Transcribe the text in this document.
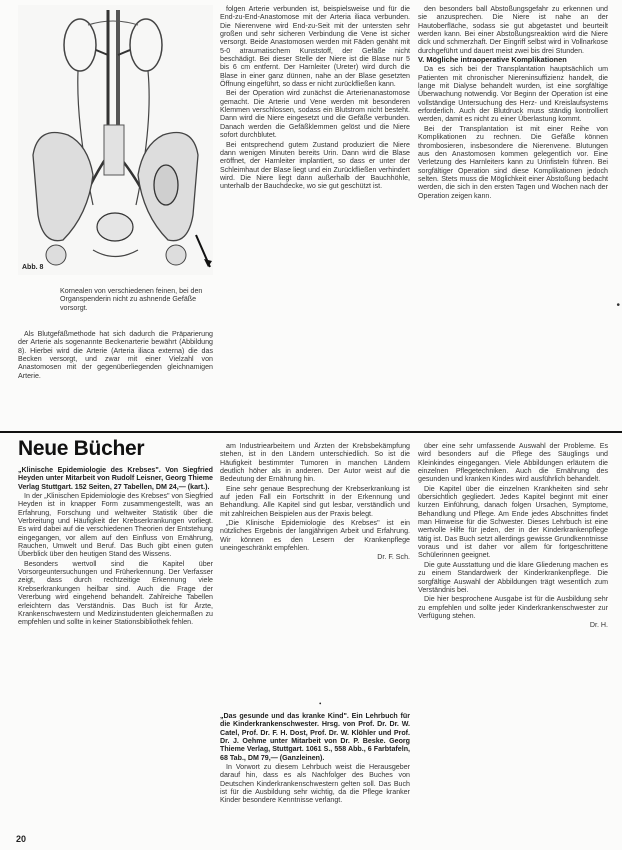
Abb. 8
Kornealen von verschiedenen feinen, bei den Organspenderin nicht zu ashnende Gefäße vorsorgt.

Als Blutgefäßmethode hat sich dadurch die Präparierung der Arterie als sogenannte Beckenarterie bewährt (Abbildung 8). Hierbei wird die Arterie (Arteria iliaca externa) die das Becken versorgt, und zwar mit einer Vielzahl von Anastomosen mit der gegenüberliegenden gleichnamigen Arterie.

folgen Arterie verbunden ist, beispielsweise und für die End-zu-End-Anastomose mit der Arteria iliaca verbunden. Die Nierenvene wird End-zu-Seit mit der untersten sehr großen und sehr sicheren Verbindung die Vene ist sicher versorgt. Beide Anastomosen werden mit Fäden genäht mit 5-0 atraumatischem Kunststoff, der Gefäße nicht beschädigt. Bei dieser Stelle der Niere ist die Blase nur 5 bis 6 cm entfernt. Der Harnleiter (Ureter) wird durch die Blase in einer ganz dünnen, nahe an der Blase gesetzten Öffnung eingeführt, so dass er nicht zurückfließen kann.

Bei der Operation wird zunächst die Arterienanastomose gemacht. Die Arterie und Vene werden mit besonderen Klemmen verschlossen, sodass ein Blutstrom nicht besteht. Dann wird die Niere eingesetzt und die Gefäße verbunden. Danach werden die Gefäßklemmen gelöst und die Niere sofort durchblutet.

Bei entsprechend gutem Zustand produziert die Niere dann wenigen Minuten bereits Urin. Dann wird die Blase eröffnet, der Harnleiter implantiert, so dass er unter der Schleimhaut der Blase liegt und ein Zurückfließen verhindert wird. Die Niere liegt dann außerhalb der Bauchhöhle, unterhalb der Bauchdecke, wo sie gut geschützt ist.

den besonders ball Abstoßungsgefahr zu erkennen und sie anzusprechen. Die Niere ist nahe an der Hautoberfläche, sodass sie gut abgetastet und beurteilt werden kann. Bei einer Abstoßungsreaktion wird die Niere dick und schmerzhaft. Der Eingriff selbst wird in Vollnarkose durchgeführt und dauert meist zwei bis drei Stunden.

V. Mögliche intraoperative Komplikationen

Da es sich bei der Transplantation hauptsächlich um Patienten mit chronischer Niereninsuffizienz handelt, die lange mit Dialyse behandelt wurden, ist eine sorgfältige Überwachung notwendig. Vor Beginn der Operation ist eine vollständige Untersuchung des Herz- und Kreislaufsystems erforderlich. Auch der Blutdruck muss ständig kontrolliert werden, damit es nicht zu einer Überlastung kommt.

Bei der Transplantation ist mit einer Reihe von Komplikationen zu rechnen. Die Gefäße können thrombosieren, insbesondere die Nierenvene. Blutungen aus den Anastomosen kommen gelegentlich vor. Eine Verletzung des Harnleiters kann zu Urinfisteln führen. Bei sorgfältiger Operation sind diese Komplikationen jedoch selten. Stets muss die Möglichkeit einer Abstoßung bedacht werden, die sich in den ersten Tagen und Wochen nach der Operation zeigen kann.

•
Neue Bücher

„Klinische Epidemiologie des Krebses". Von Siegfried Heyden unter Mitarbeit von Rudolf Leisner, Georg Thieme Verlag Stuttgart. 152 Seiten, 27 Tabellen, DM 24,— (kart.).

In der „Klinischen Epidemiologie des Krebses" von Siegfried Heyden ist in knapper Form zusammengestellt, was an Erfahrung, Forschung und weltweiter Statistik über die Verbreitung und Häufigkeit der Krebserkrankungen vorliegt. Es wird dabei auf die verschiedenen Theorien der Entstehung eingegangen, vor allem auf den Einfluss von Ernährung, Rauchen, Umwelt und Beruf. Das Buch gibt einen guten Überblick über den heutigen Stand des Wissens.

Besonders wertvoll sind die Kapitel über Vorsorgeuntersuchungen und Früherkennung. Der Verfasser zeigt, dass durch rechtzeitige Erkennung viele Krebserkrankungen heilbar sind. Auch die Frage der Vererbung wird eingehend behandelt. Zahlreiche Tabellen erleichtern das Verständnis. Das Buch ist für Ärzte, Krankenschwestern und Medizinstudenten gleichermaßen zu empfehlen und sollte in keiner Stationsbibliothek fehlen.

am Industriearbeitern und Ärzten der Krebsbekämpfung stehen, ist in den Ländern unterschiedlich. So ist die Häufigkeit bestimmter Tumoren in manchen Ländern deutlich höher als in anderen. Der Autor weist auf die Bedeutung der Ernährung hin.

Eine sehr genaue Besprechung der Krebserkrankung ist auf jeden Fall ein Fortschritt in der Erkennung und Behandlung. Alle Kapitel sind gut lesbar, verständlich und mit zahlreichen Beispielen aus der Praxis belegt.

„Die Klinische Epidemiologie des Krebses" ist ein nützliches Ergebnis der langjährigen Arbeit und Erfahrung. Wir können es den Lesern der Krankenpflege uneingeschränkt empfehlen.

Dr. F. Sch.

•

„Das gesunde und das kranke Kind". Ein Lehrbuch für die Kinderkrankenschwester. Hrsg. von Prof. Dr. Dr. W. Catel, Prof. Dr. F. H. Dost, Prof. Dr. W. Klöhler und Prof. Dr. J. Oehme unter Mitarbeit von Dr. P. Beske. Georg Thieme Verlag, Stuttgart. 1061 S., 558 Abb., 6 Farbtafeln, 68 Tab., DM 79,— (Ganzleinen).

In Vorwort zu diesem Lehrbuch weist die Herausgeber darauf hin, dass es als Nachfolger des Buches von Deutschen Kinderkrankenschwestern gelten soll. Das Buch ist für die Ausbildung sehr wichtig, da die Pflege kranker Kinder besondere Kenntnisse verlangt.

über eine sehr umfassende Auswahl der Probleme. Es wird besonders auf die Pflege des Säuglings und Kleinkindes eingegangen. Viele Abbildungen erläutern die einzelnen Pflegetechniken. Auch die Ernährung des gesunden und kranken Kindes wird ausführlich behandelt.

Die Kapitel über die einzelnen Krankheiten sind sehr übersichtlich gegliedert. Jedes Kapitel beginnt mit einer kurzen Einführung, danach folgen Ursachen, Symptome, Behandlung und Pflege. Am Ende jedes Abschnittes findet man Hinweise für die Schwester. Dieses Lehrbuch ist eine wertvolle Hilfe für jeden, der in der Kinderkrankenpflege tätig ist. Das Buch setzt allerdings gewisse Grundkenntnisse voraus und ist daher vor allem für fortgeschrittene Schülerinnen geeignet.

Die gute Ausstattung und die klare Gliederung machen es zu einem Standardwerk der Kinderkrankenpflege. Die sorgfältige Auswahl der Abbildungen trägt wesentlich zum Verständnis bei.

Die hier besprochene Ausgabe ist für die Ausbildung sehr zu empfehlen und sollte jeder Kinderkrankenschwester zur Verfügung stehen.

Dr. H.

20
